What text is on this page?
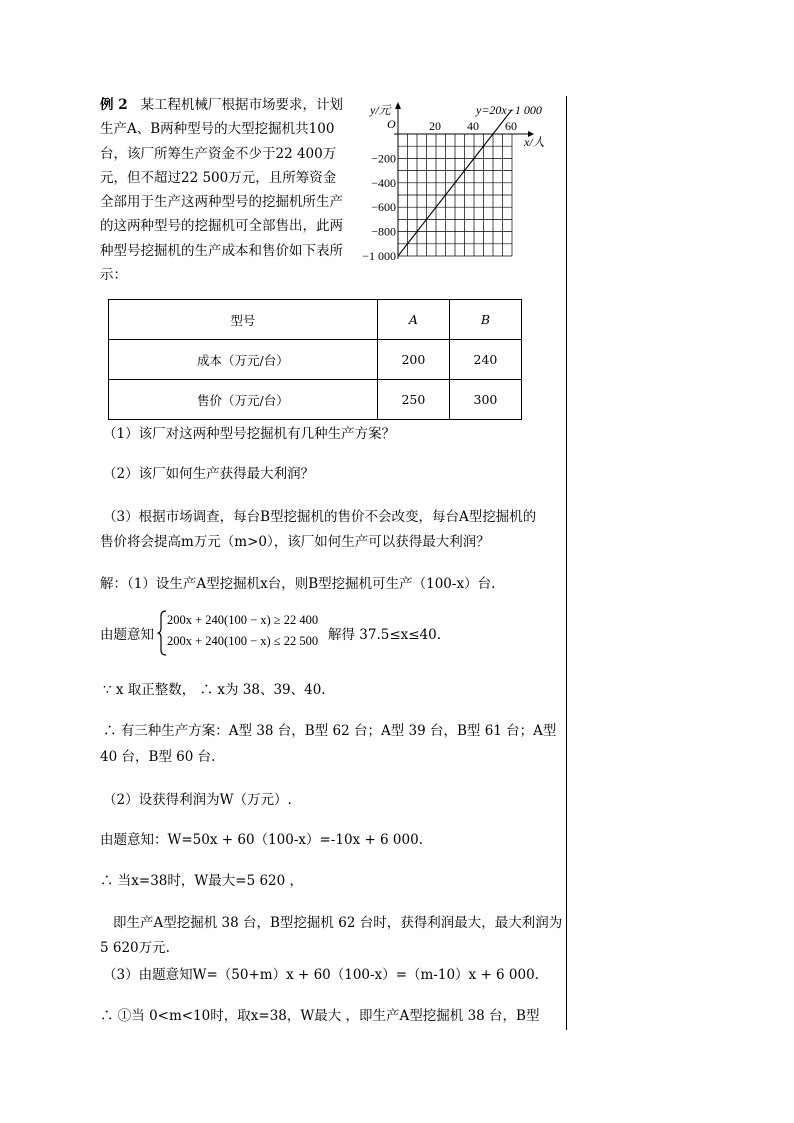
例 2 某工程机械厂根据市场要求，计划生产A、B两种型号的大型挖掘机共100台，该厂所筹生产资金不少于22 400万元，但不超过22 500万元，且所筹资金全部用于生产这两种型号的挖掘机所生产的这两种型号的挖掘机可全部售出，此两种型号挖掘机的生产成本和售价如下表所示：
20 40 60
−200
−400
−600
−800
−1 000
y/元
x/人
O
y=20x−1 000
型号	A	B
成本（万元/台）	200	240
售价（万元/台）	250	300
（1）该厂对这两种型号挖掘机有几种生产方案？
（2）该厂如何生产获得最大利润？
（3）根据市场调查，每台B型挖掘机的售价不会改变，每台A型挖掘机的
售价将会提高m万元（m>0），该厂如何生产可以获得最大利润？
解：（1）设生产A型挖掘机x台，则B型挖掘机可生产（100-x）台.
由题意知
200x + 240(100 − x) ≥ 22 400
200x + 240(100 − x) ≤ 22 500 解得 37.5≤x≤40.
∵ x 取正整数， ∴ x为 38、39、40.
∴ 有三种生产方案：A型 38 台，B型 62 台；A型 39 台，B型 61 台；A型
40 台，B型 60 台.
（2）设获得利润为W（万元）.
由题意知：W=50x + 60（100-x）=-10x + 6 000.
∴ 当x=38时，W最大=5 620 ，
即生产A型挖掘机 38 台，B型挖掘机 62 台时，获得利润最大，最大利润为
5 620万元.
（3）由题意知W=（50+m）x + 60（100-x）=（m-10）x + 6 000.
∴ ①当 0<m<10时，取x=38，W最大 ，即生产A型挖掘机 38 台，B型
